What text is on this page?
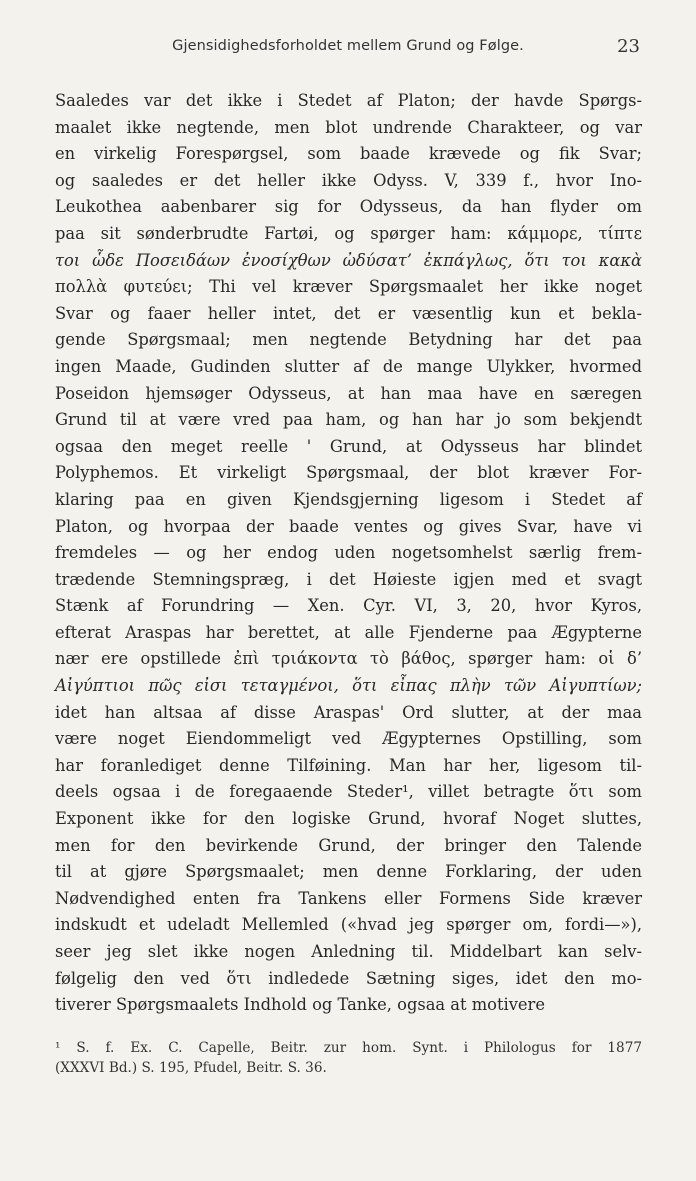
Gjensidighedsforholdet mellem Grund og Følge.	23
Saaledes var det ikke i Stedet af Platon; der havde Spørgs-
maalet ikke negtende, men blot undrende Charakteer, og var
en virkelig Forespørgsel, som baade krævede og fik Svar;
og saaledes er det heller ikke Odyss. V, 339 f., hvor Ino-
Leukothea aabenbarer sig for Odysseus, da han flyder om
paa sit sønderbrudte Fartøi, og spørger ham: κάμμορε, τίπτε
τοι ὧδε Ποσειδάων ἐνοσίχθων ὠδύσατ’ ἐκπάγλως, ὅτι τοι κακὰ
πολλὰ φυτεύει; Thi vel kræver Spørgsmaalet her ikke noget
Svar og faaer heller intet, det er væsentlig kun et bekla-
gende Spørgsmaal; men negtende Betydning har det paa
ingen Maade, Gudinden slutter af de mange Ulykker, hvormed
Poseidon hjemsøger Odysseus, at han maa have en særegen
Grund til at være vred paa ham, og han har jo som bekjendt
ogsaa den meget reelle ' Grund, at Odysseus har blindet
Polyphemos. Et virkeligt Spørgsmaal, der blot kræver For-
klaring paa en given Kjendsgjerning ligesom i Stedet af
Platon, og hvorpaa der baade ventes og gives Svar, have vi
fremdeles — og her endog uden nogetsomhelst særlig frem-
trædende Stemningspræg, i det Høieste igjen med et svagt
Stænk af Forundring — Xen. Cyr. VI, 3, 20, hvor Kyros,
efterat Araspas har berettet, at alle Fjenderne paa Ægypterne
nær ere opstillede ἐπὶ τριάκοντα τὸ βάθος, spørger ham: οἱ δ’
Αἰγύπτιοι πῶς εἰσι τεταγμένοι, ὅτι εἶπας πλὴν τῶν Αἰγυπτίων;
idet han altsaa af disse Araspas' Ord slutter, at der maa
være noget Eiendommeligt ved Ægypternes Opstilling, som
har foranlediget denne Tilføining. Man har her, ligesom til-
deels ogsaa i de foregaaende Steder¹, villet betragte ὅτι som
Exponent ikke for den logiske Grund, hvoraf Noget sluttes,
men for den bevirkende Grund, der bringer den Talende
til at gjøre Spørgsmaalet; men denne Forklaring, der uden
Nødvendighed enten fra Tankens eller Formens Side kræver
indskudt et udeladt Mellemled («hvad jeg spørger om, fordi—»),
seer jeg slet ikke nogen Anledning til. Middelbart kan selv-
følgelig den ved ὅτι indledede Sætning siges, idet den mo-
tiverer Spørgsmaalets Indhold og Tanke, ogsaa at motivere
¹ S. f. Ex. C. Capelle, Beitr. zur hom. Synt. i Philologus for 1877
(XXXVI Bd.) S. 195, Pfudel, Beitr. S. 36.
